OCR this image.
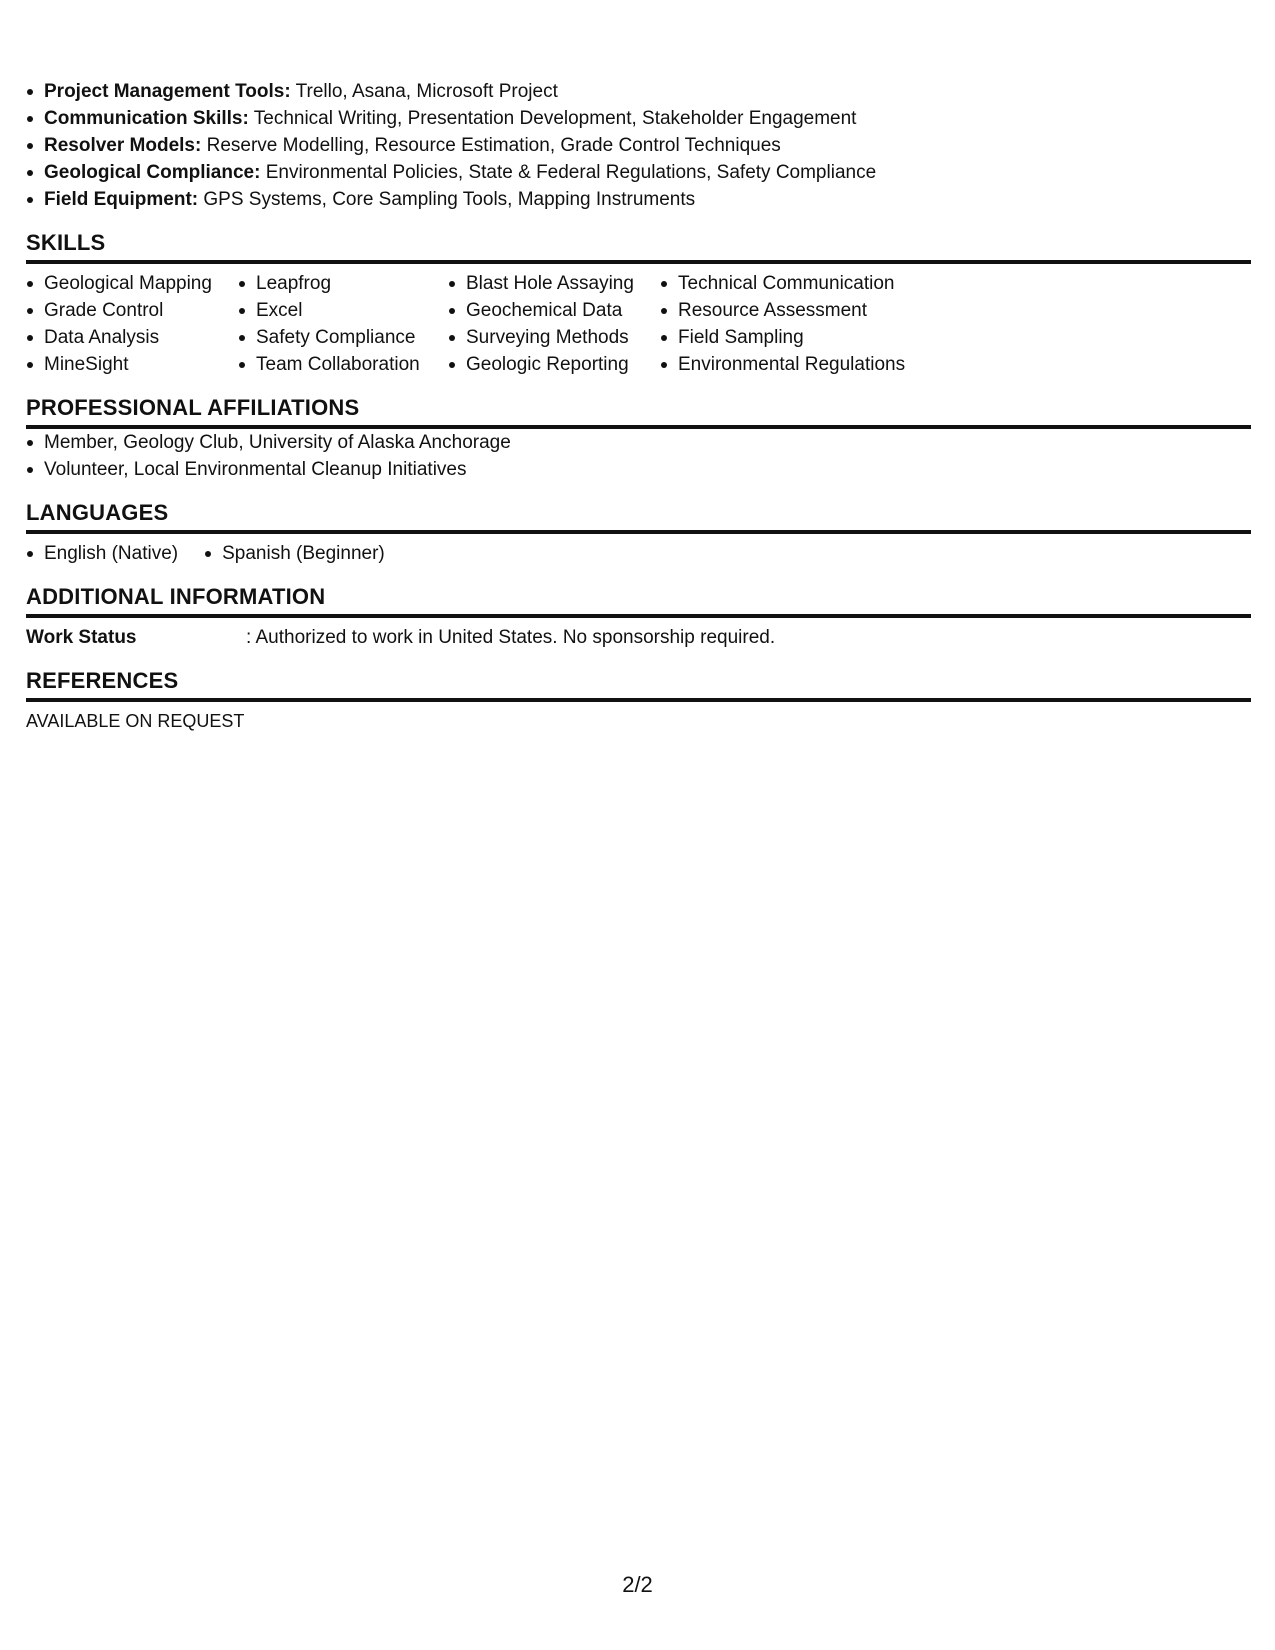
Project Management Tools: Trello, Asana, Microsoft Project
Communication Skills: Technical Writing, Presentation Development, Stakeholder Engagement
Resolver Models: Reserve Modelling, Resource Estimation, Grade Control Techniques
Geological Compliance: Environmental Policies, State & Federal Regulations, Safety Compliance
Field Equipment: GPS Systems, Core Sampling Tools, Mapping Instruments
SKILLS
Geological Mapping
Grade Control
Data Analysis
MineSight
Leapfrog
Excel
Safety Compliance
Team Collaboration
Blast Hole Assaying
Geochemical Data
Surveying Methods
Geologic Reporting
Technical Communication
Resource Assessment
Field Sampling
Environmental Regulations
PROFESSIONAL AFFILIATIONS
Member, Geology Club, University of Alaska Anchorage
Volunteer, Local Environmental Cleanup Initiatives
LANGUAGES
English (Native)	Spanish (Beginner)
ADDITIONAL INFORMATION
Work Status	: Authorized to work in United States. No sponsorship required.
REFERENCES
AVAILABLE ON REQUEST
2/2
